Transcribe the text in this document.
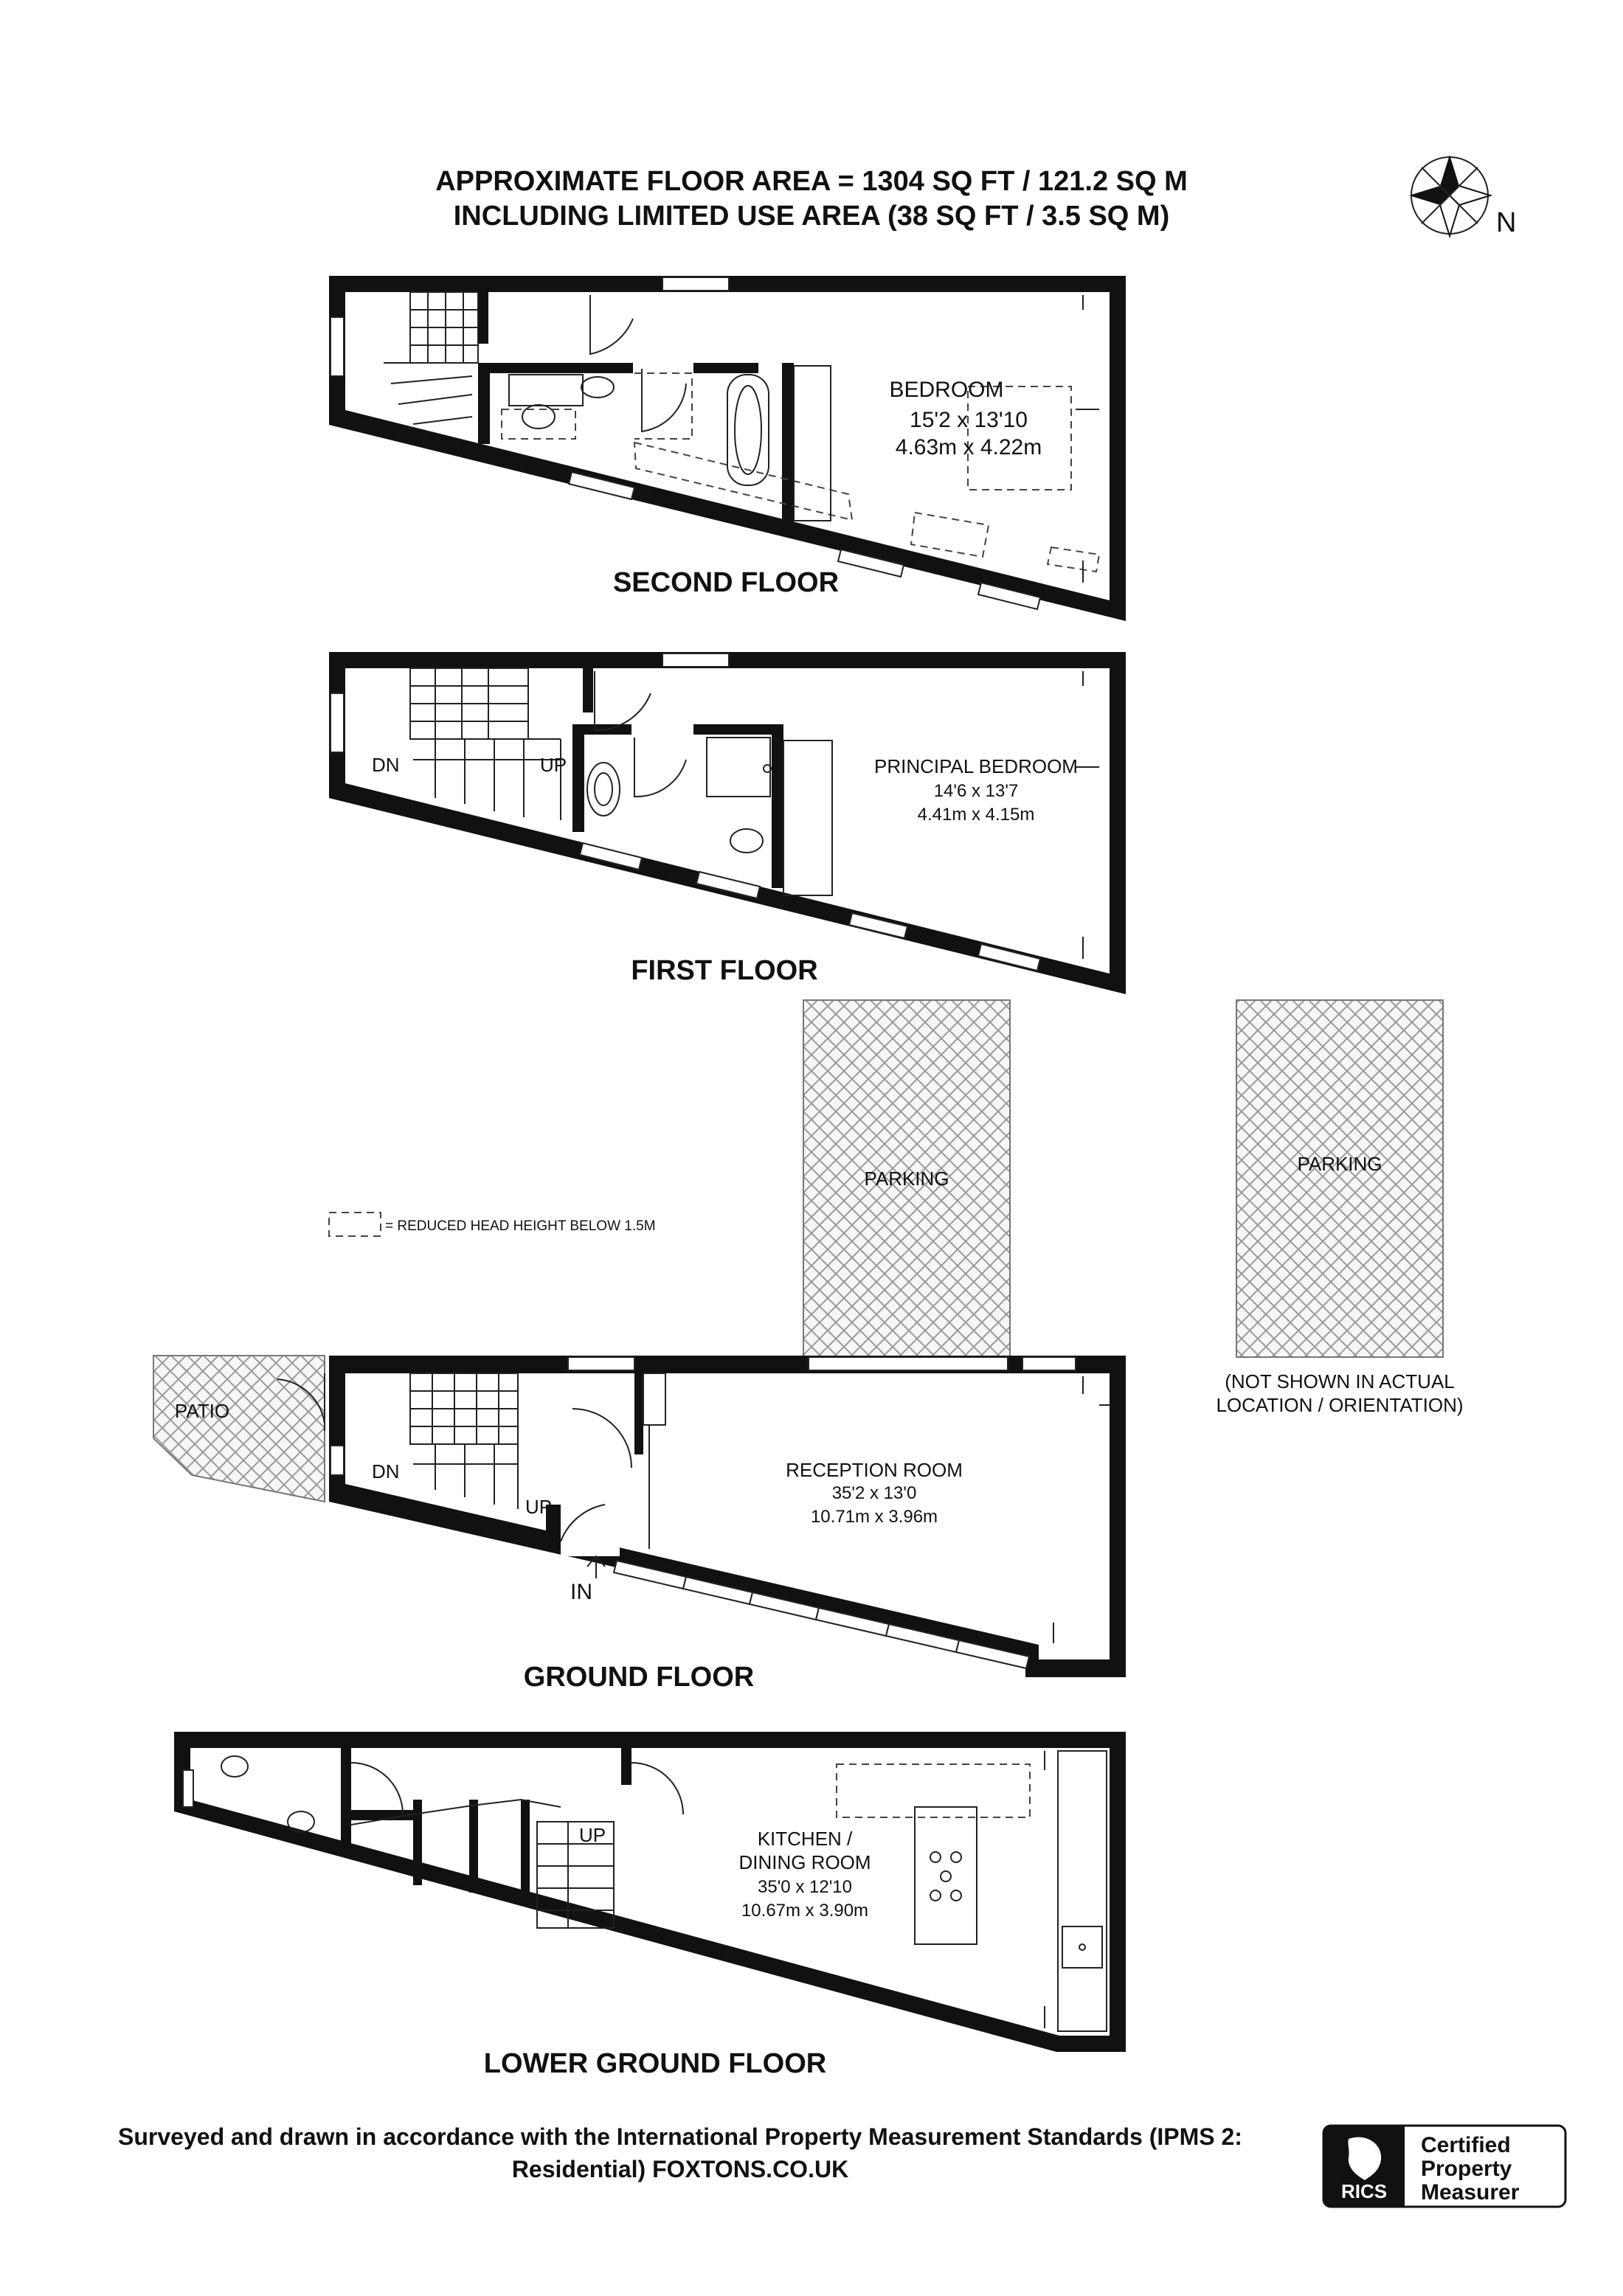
APPROXIMATE FLOOR AREA = 1304 SQ FT / 121.2 SQ M
INCLUDING LIMITED USE AREA (38 SQ FT / 3.5 SQ M)	N
BEDROOM
15'2 x 13'10
4.63m x 4.22m
SECOND FLOOR
DN	UP	PRINCIPAL BEDROOM
14'6 x 13'7
4.41m x 4.15m
FIRST FLOOR
PARKING
PARKING
(NOT SHOWN IN ACTUAL
LOCATION / ORIENTATION)
= REDUCED HEAD HEIGHT BELOW 1.5M
PATIO
DN
UP
IN
RECEPTION ROOM
35'2 x 13'0
10.71m x 3.96m
GROUND FLOOR
UP	KITCHEN /
DINING ROOM
35'0 x 12'10
10.67m x 3.90m
LOWER GROUND FLOOR
Surveyed and drawn in accordance with the International Property Measurement Standards (IPMS 2:
Residential) FOXTONS.CO.UK
RICS
Certified
Property
Measurer
